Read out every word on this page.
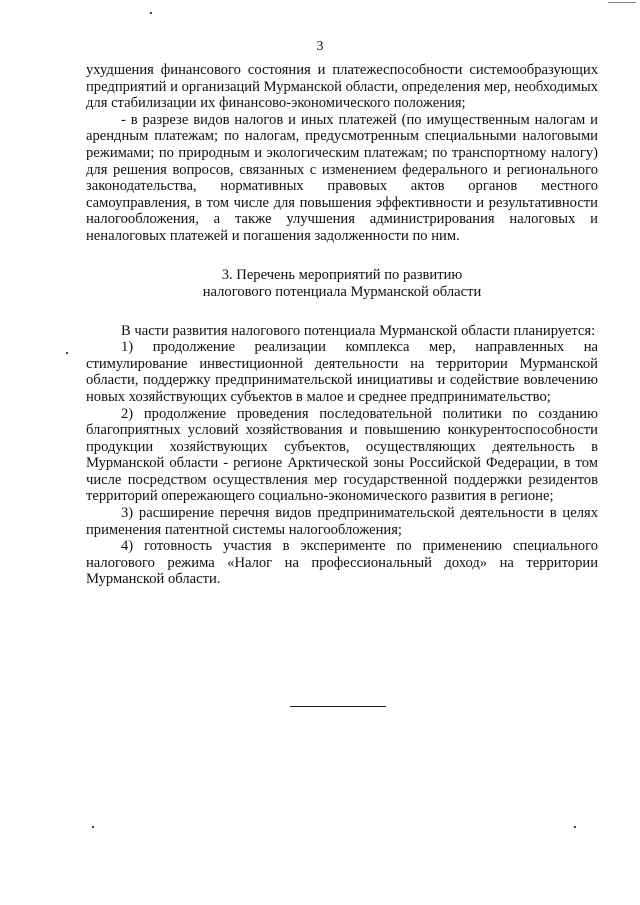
3

ухудшения финансового состояния и платежеспособности системообразующих предприятий и организаций Мурманской области, определения мер, необходимых для стабилизации их финансово-экономического положения;

- в разрезе видов налогов и иных платежей (по имущественным налогам и арендным платежам; по налогам, предусмотренным специальными налоговыми режимами; по природным и экологическим платежам; по транспортному налогу) для решения вопросов, связанных с изменением федерального и регионального законодательства, нормативных правовых актов органов местного самоуправления, в том числе для повышения эффективности и результативности налогообложения, а также улучшения администрирования налоговых и неналоговых платежей и погашения задолженности по ним.

3. Перечень мероприятий по развитию
налогового потенциала Мурманской области

В части развития налогового потенциала Мурманской области планируется:

1) продолжение реализации комплекса мер, направленных на стимулирование инвестиционной деятельности на территории Мурманской области, поддержку предпринимательской инициативы и содействие вовлечению новых хозяйствующих субъектов в малое и среднее предпринимательство;

2) продолжение проведения последовательной политики по созданию благоприятных условий хозяйствования и повышению конкурентоспособности продукции хозяйствующих субъектов, осуществляющих деятельность в Мурманской области - регионе Арктической зоны Российской Федерации, в том числе посредством осуществления мер государственной поддержки резидентов территорий опережающего социально-экономического развития в регионе;

3) расширение перечня видов предпринимательской деятельности в целях применения патентной системы налогообложения;

4) готовность участия в эксперименте по применению специального налогового режима «Налог на профессиональный доход» на территории Мурманской области.
